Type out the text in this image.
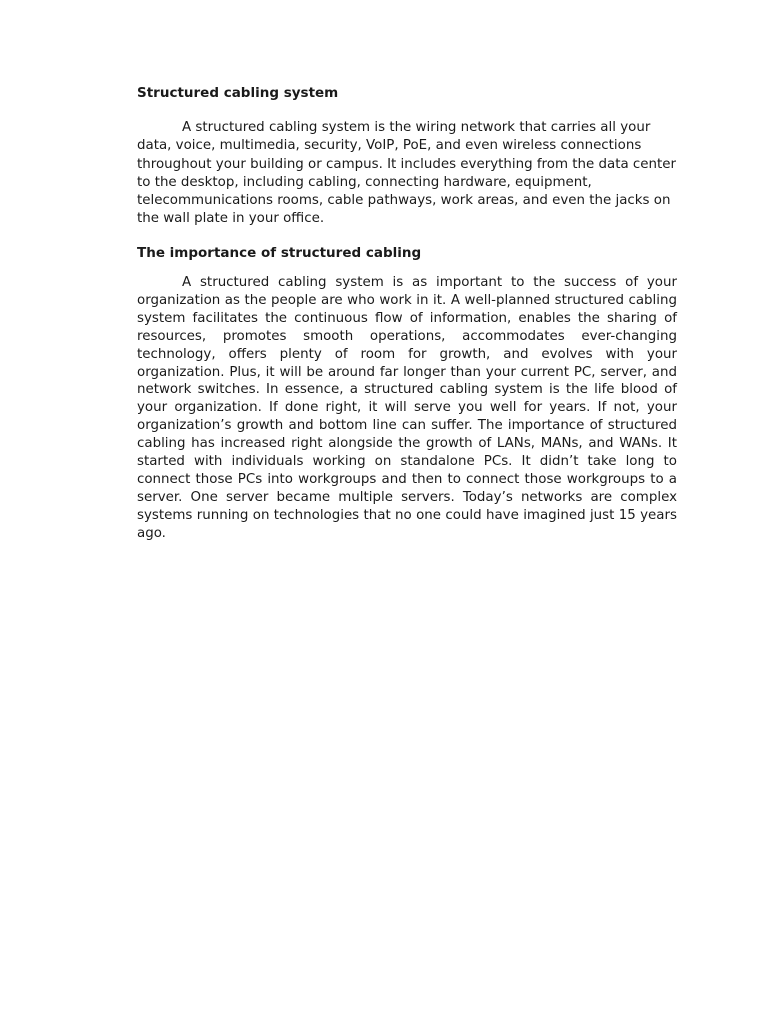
Structured cabling system

A structured cabling system is the wiring network that carries all your data, voice, multimedia, security, VoIP, PoE, and even wireless connections throughout your building or campus. It includes everything from the data center to the desktop, including cabling, connecting hardware, equipment, telecommunications rooms, cable pathways, work areas, and even the jacks on the wall plate in your office.

The importance of structured cabling

A structured cabling system is as important to the success of your organization as the people are who work in it. A well-planned structured cabling system facilitates the continuous flow of information, enables the sharing of resources, promotes smooth operations, accommodates ever-changing technology, offers plenty of room for growth, and evolves with your organization. Plus, it will be around far longer than your current PC, server, and network switches. In essence, a structured cabling system is the life blood of your organization. If done right, it will serve you well for years. If not, your organization’s growth and bottom line can suffer. The importance of structured cabling has increased right alongside the growth of LANs, MANs, and WANs. It started with individuals working on standalone PCs. It didn’t take long to connect those PCs into workgroups and then to connect those workgroups to a server. One server became multiple servers. Today’s networks are complex systems running on technologies that no one could have imagined just 15 years ago.
